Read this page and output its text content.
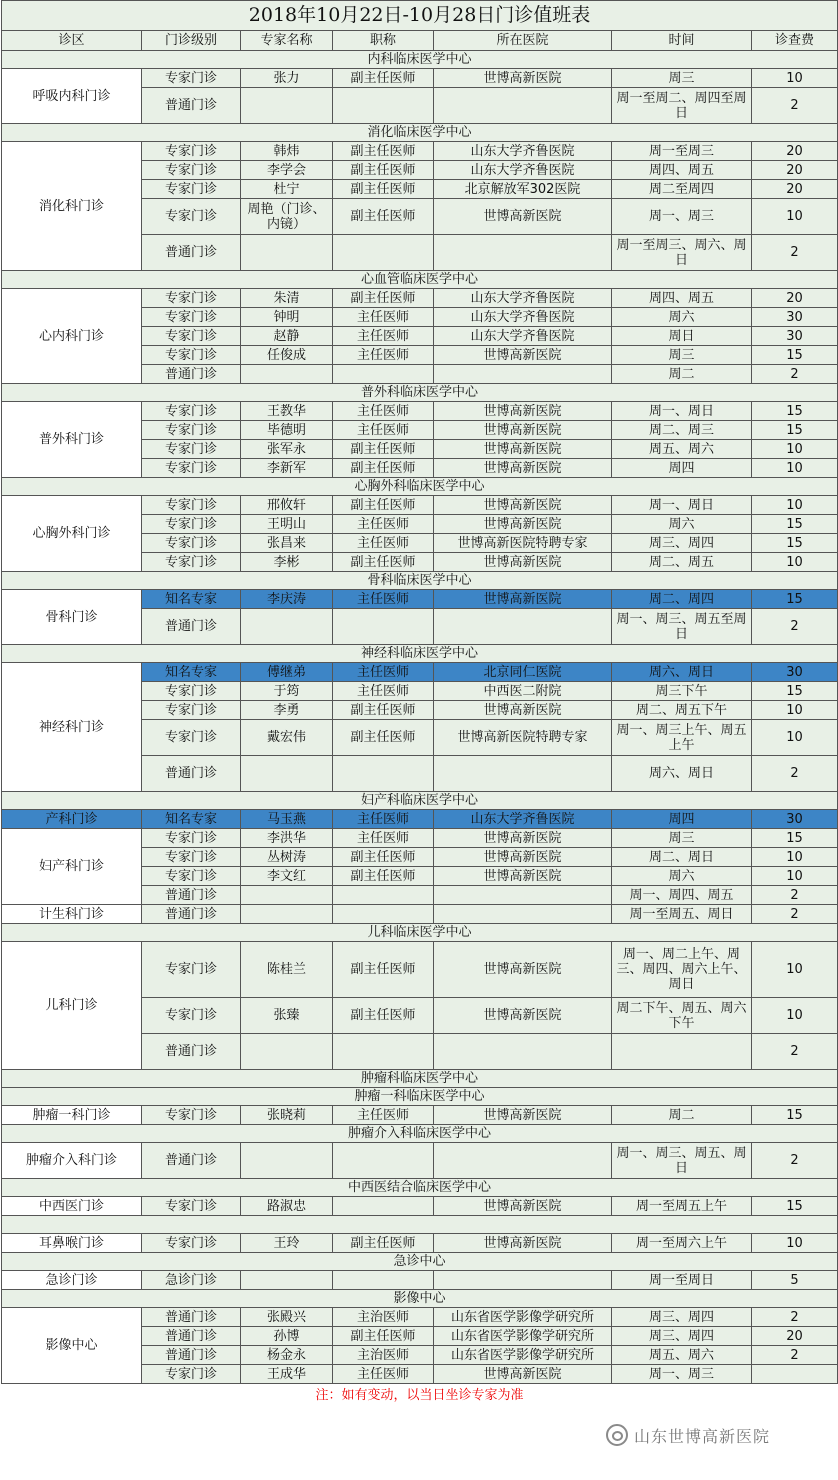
2018年10月22日-10月28日门诊值班表						
诊区	门诊级别	专家名称	职称	所在医院	时间	诊查费
内科临床医学中心						
呼吸内科门诊	专家门诊	张力	副主任医师	世博高新医院	周三	10
	普通门诊				周一至周二、周四至周日	2
消化临床医学中心						
消化科门诊	专家门诊	韩炜	副主任医师	山东大学齐鲁医院	周一至周三	20
	专家门诊	李学会	副主任医师	山东大学齐鲁医院	周四、周五	20
	专家门诊	杜宁	副主任医师	北京解放军302医院	周二至周四	20
	专家门诊	周艳（门诊、内镜）	副主任医师	世博高新医院	周一、周三	10
	普通门诊				周一至周三、周六、周日	2
心血管临床医学中心						
心内科门诊	专家门诊	朱清	副主任医师	山东大学齐鲁医院	周四、周五	20
	专家门诊	钟明	主任医师	山东大学齐鲁医院	周六	30
	专家门诊	赵静	主任医师	山东大学齐鲁医院	周日	30
	专家门诊	任俊成	主任医师	世博高新医院	周三	15
	普通门诊				周二	2
普外科临床医学中心						
普外科门诊	专家门诊	王教华	主任医师	世博高新医院	周一、周日	15
	专家门诊	毕德明	主任医师	世博高新医院	周二、周三	15
	专家门诊	张军永	副主任医师	世博高新医院	周五、周六	10
	专家门诊	李新军	副主任医师	世博高新医院	周四	10
心胸外科临床医学中心						
心胸外科门诊	专家门诊	邢攸轩	副主任医师	世博高新医院	周一、周日	10
	专家门诊	王明山	主任医师	世博高新医院	周六	15
	专家门诊	张昌来	主任医师	世博高新医院特聘专家	周三、周四	15
	专家门诊	李彬	副主任医师	世博高新医院	周二、周五	10
骨科临床医学中心						
骨科门诊	知名专家	李庆涛	主任医师	世博高新医院	周二、周四	15
	普通门诊				周一、周三、周五至周日	2
神经科临床医学中心						
神经科门诊	知名专家	傅继弟	主任医师	北京同仁医院	周六、周日	30
	专家门诊	于筠	主任医师	中西医二附院	周三下午	15
	专家门诊	李勇	副主任医师	世博高新医院	周二、周五下午	10
	专家门诊	戴宏伟	副主任医师	世博高新医院特聘专家	周一、周三上午、周五上午	10
	普通门诊				周六、周日	2
妇产科临床医学中心						
产科门诊	知名专家	马玉燕	主任医师	山东大学齐鲁医院	周四	30
妇产科门诊	专家门诊	李洪华	主任医师	世博高新医院	周三	15
	专家门诊	丛树涛	副主任医师	世博高新医院	周二、周日	10
	专家门诊	李文红	副主任医师	世博高新医院	周六	10
	普通门诊				周一、周四、周五	2
计生科门诊	普通门诊				周一至周五、周日	2
儿科临床医学中心						
儿科门诊	专家门诊	陈桂兰	副主任医师	世博高新医院	周一、周二上午、周三、周四、周六上午、周日	10
	专家门诊	张臻	副主任医师	世博高新医院	周二下午、周五、周六下午	10
	普通门诊					2
肿瘤科临床医学中心						
肿瘤一科临床医学中心						
肿瘤一科门诊	专家门诊	张晓莉	主任医师	世博高新医院	周二	15
肿瘤介入科临床医学中心						
肿瘤介入科门诊	普通门诊				周一、周三、周五、周日	2
中西医结合临床医学中心						
中西医门诊	专家门诊	路淑忠		世博高新医院	周一至周五上午	15

耳鼻喉门诊	专家门诊	王玲	副主任医师	世博高新医院	周一至周六上午	10
急诊中心						
急诊门诊	急诊门诊				周一至周日	5
影像中心						
影像中心	普通门诊	张殿兴	主治医师	山东省医学影像学研究所	周三、周四	2
	普通门诊	孙博	副主任医师	山东省医学影像学研究所	周三、周四	20
	普通门诊	杨金永	主治医师	山东省医学影像学研究所	周五、周六	2
	专家门诊	王成华	主任医师	世博高新医院	周一、周三	
注：如有变动，以当日坐诊专家为准						
山东世博高新医院
